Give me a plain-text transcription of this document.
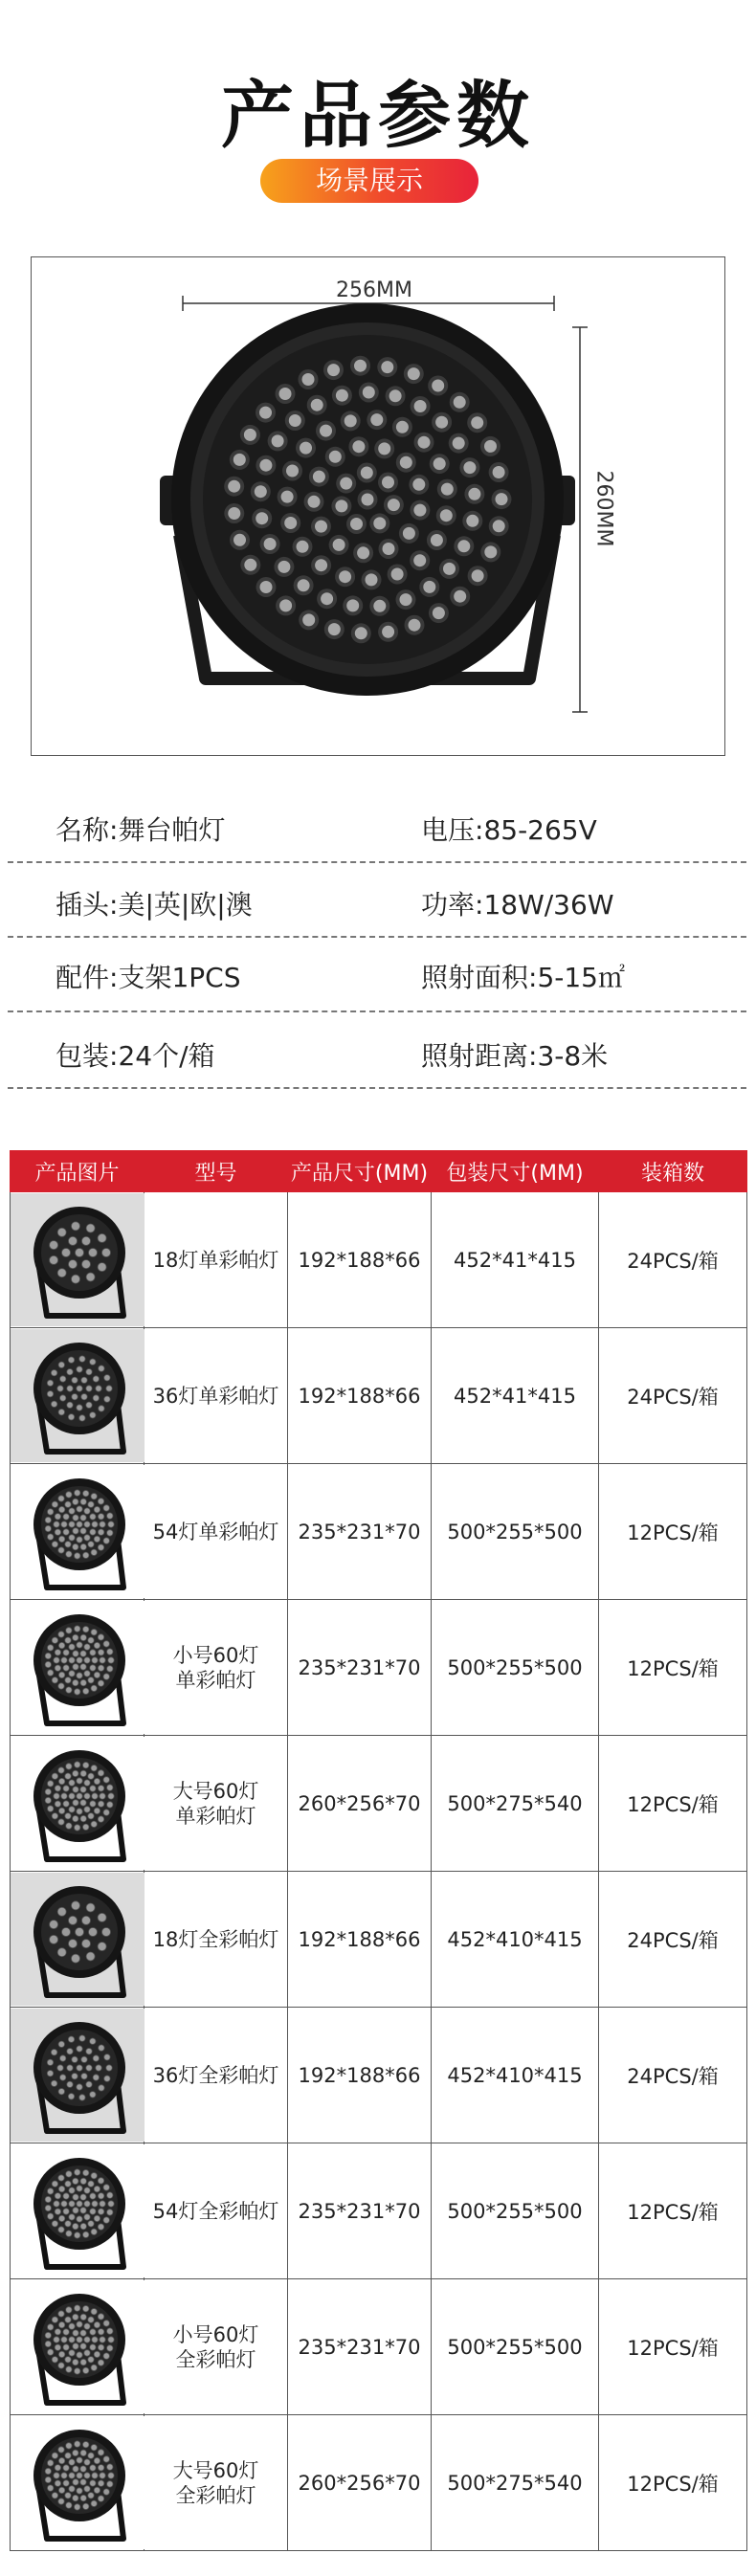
产品参数
场景展示
256MM
260MM
名称:舞台帕灯	电压:85-265V
插头:美|英|欧|澳	功率:18W/36W
配件:支架1PCS	照射面积:5-15㎡
包装:24个/箱	照射距离:3-8米
产品图片	型号	产品尺寸(MM)	包装尺寸(MM)	装箱数

18灯单彩帕灯	192*188*66	452*41*415	24PCS/箱

36灯单彩帕灯	192*188*66	452*41*415	24PCS/箱

54灯单彩帕灯	235*231*70	500*255*500	12PCS/箱

小号60灯
单彩帕灯	235*231*70	500*255*500	12PCS/箱

大号60灯
单彩帕灯	260*256*70	500*275*540	12PCS/箱

18灯全彩帕灯	192*188*66	452*410*415	24PCS/箱

36灯全彩帕灯	192*188*66	452*410*415	24PCS/箱

54灯全彩帕灯	235*231*70	500*255*500	12PCS/箱

小号60灯
全彩帕灯	235*231*70	500*255*500	12PCS/箱

大号60灯
全彩帕灯	260*256*70	500*275*540	12PCS/箱
